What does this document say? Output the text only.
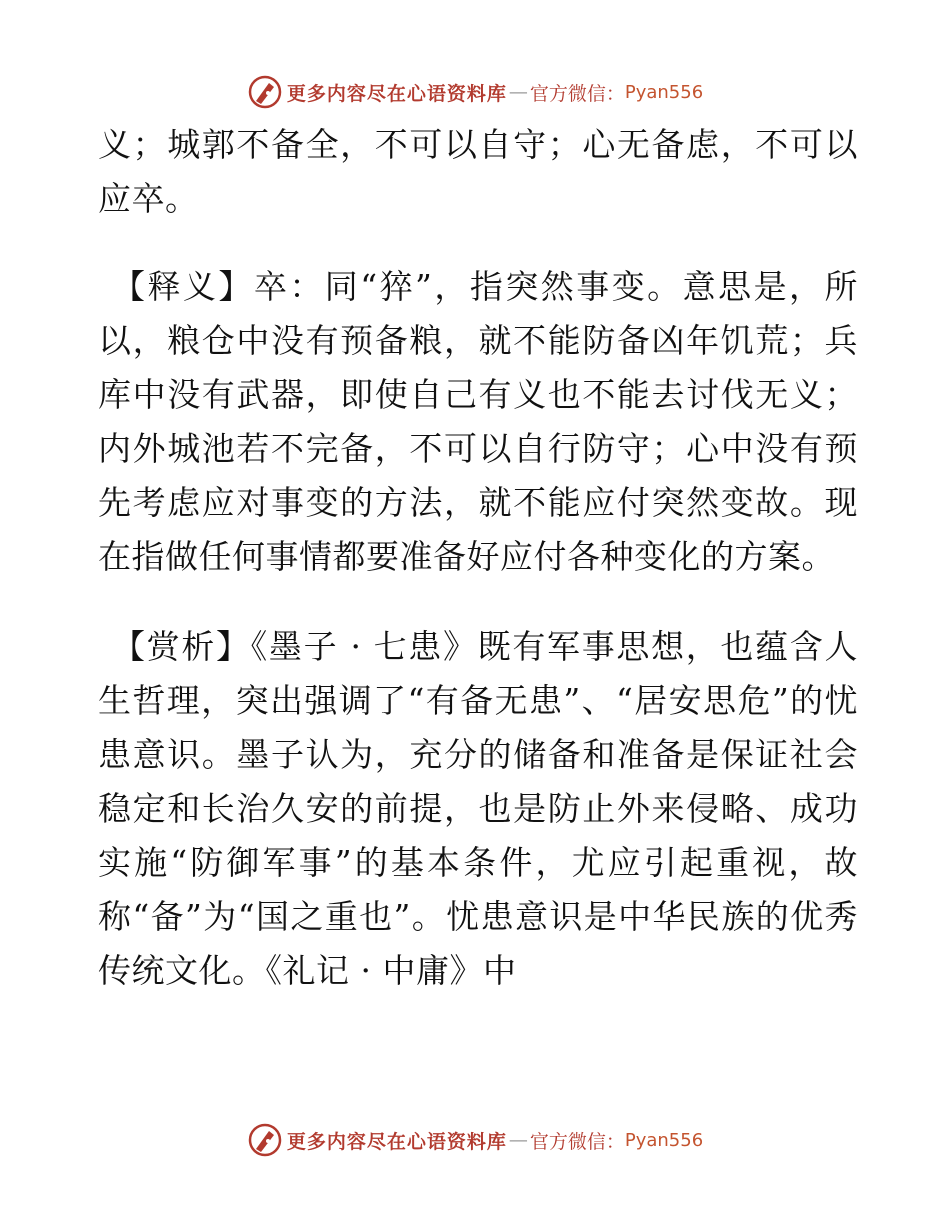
更多内容尽在心语资料库 — 官方微信： Pyan556

义；城郭不备全，不可以自守；心无备虑，不可以应卒。

【释义】卒：同“猝”，指突然事变。意思是，所以，粮仓中没有预备粮，就不能防备凶年饥荒；兵库中没有武器，即使自己有义也不能去讨伐无义；内外城池若不完备，不可以自行防守；心中没有预先考虑应对事变的方法，就不能应付突然变故。现在指做任何事情都要准备好应付各种变化的方案。

【赏析】《墨子 · 七患》既有军事思想，也蕴含人生哲理，突出强调了“有备无患”、“居安思危”的忧患意识。墨子认为，充分的储备和准备是保证社会稳定和长治久安的前提，也是防止外来侵略、成功实施“防御军事”的基本条件，尤应引起重视，故称“备”为“国之重也”。忧患意识是中华民族的优秀传统文化。《礼记 · 中庸》中

更多内容尽在心语资料库 — 官方微信： Pyan556
